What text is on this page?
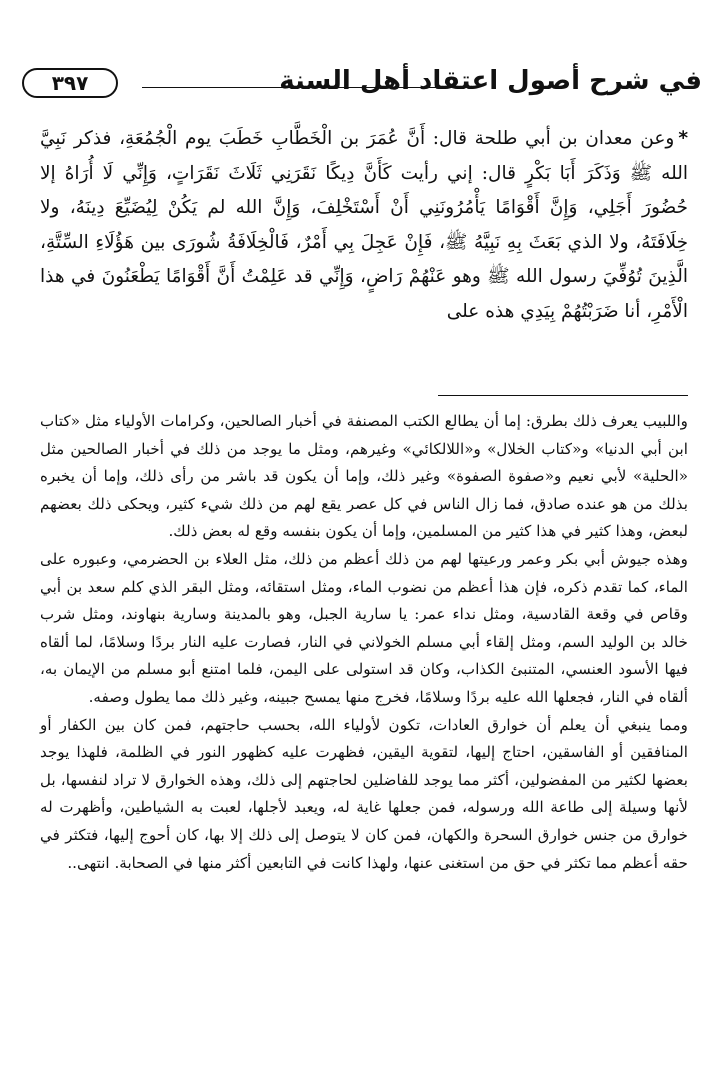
في شرح أصول اعتقاد أهل السنة
٣٩٧

*وعن معدان بن أبي طلحة قال: أَنَّ عُمَرَ بن الْخَطَّابِ خَطَبَ يوم الْجُمُعَةِ، فذكر نَبِيَّ الله ﷺ وَذَكَرَ أَبَا بَكْرٍ قال: إني رأيت كَأَنَّ دِيكًا نَقَرَنِي ثَلَاثَ نَقَرَاتٍ، وَإِنِّي لَا أُرَاهُ إلا حُضُورَ أَجَلِي، وَإِنَّ أَقْوَامًا يَأْمُرُونَنِي أَنْ أَسْتَخْلِفَ، وَإِنَّ الله لم يَكُنْ لِيُضَيِّعَ دِينَهُ، ولا خِلَافَتَهُ، ولا الذي بَعَثَ بِهِ نَبِيَّهُ ﷺ، فَإِنْ عَجِلَ بِي أَمْرٌ، فَالْخِلَافَةُ شُورَى بين هَؤُلَاءِ السِّتَّةِ، الَّذِينَ تُوُفِّيَ رسول الله ﷺ وهو عَنْهُمْ رَاضٍ، وَإِنِّي قد عَلِمْتُ أَنَّ أَقْوَامًا يَطْعَنُونَ في هذا الْأَمْرِ، أنا ضَرَبْتُهُمْ بِيَدِي هذه على

واللبيب يعرف ذلك بطرق: إما أن يطالع الكتب المصنفة في أخبار الصالحين، وكرامات الأولياء مثل «كتاب ابن أبي الدنيا» و«كتاب الخلال» و«اللالكائي» وغيرهم، ومثل ما يوجد من ذلك في أخبار الصالحين مثل «الحلية» لأبي نعيم و«صفوة الصفوة» وغير ذلك، وإما أن يكون قد باشر من رأى ذلك، وإما أن يخبره بذلك من هو عنده صادق، فما زال الناس في كل عصر يقع لهم من ذلك شيء كثير، ويحكى ذلك بعضهم لبعض، وهذا كثير في هذا كثير من المسلمين، وإما أن يكون بنفسه وقع له بعض ذلك.

وهذه جيوش أبي بكر وعمر ورعيتها لهم من ذلك أعظم من ذلك، مثل العلاء بن الحضرمي، وعبوره على الماء، كما تقدم ذكره، فإن هذا أعظم من نضوب الماء، ومثل استقائه، ومثل البقر الذي كلم سعد بن أبي وقاص في وقعة القادسية، ومثل نداء عمر: يا سارية الجبل، وهو بالمدينة وسارية بنهاوند، ومثل شرب خالد بن الوليد السم، ومثل إلقاء أبي مسلم الخولاني في النار، فصارت عليه النار بردًا وسلامًا، لما ألقاه فيها الأسود العنسي، المتنبئ الكذاب، وكان قد استولى على اليمن، فلما امتنع أبو مسلم من الإيمان به، ألقاه في النار، فجعلها الله عليه بردًا وسلامًا، فخرج منها يمسح جبينه، وغير ذلك مما يطول وصفه.

ومما ينبغي أن يعلم أن خوارق العادات، تكون لأولياء الله، بحسب حاجتهم، فمن كان بين الكفار أو المنافقين أو الفاسقين، احتاج إليها، لتقوية اليقين، فظهرت عليه كظهور النور في الظلمة، فلهذا يوجد بعضها لكثير من المفضولين، أكثر مما يوجد للفاضلين لحاجتهم إلى ذلك، وهذه الخوارق لا تراد لنفسها، بل لأنها وسيلة إلى طاعة الله ورسوله، فمن جعلها غاية له، ويعبد لأجلها، لعبت به الشياطين، وأظهرت له خوارق من جنس خوارق السحرة والكهان، فمن كان لا يتوصل إلى ذلك إلا بها، كان أحوج إليها، فتكثر في حقه أعظم مما تكثر في حق من استغنى عنها، ولهذا كانت في التابعين أكثر منها في الصحابة. انتهى..
